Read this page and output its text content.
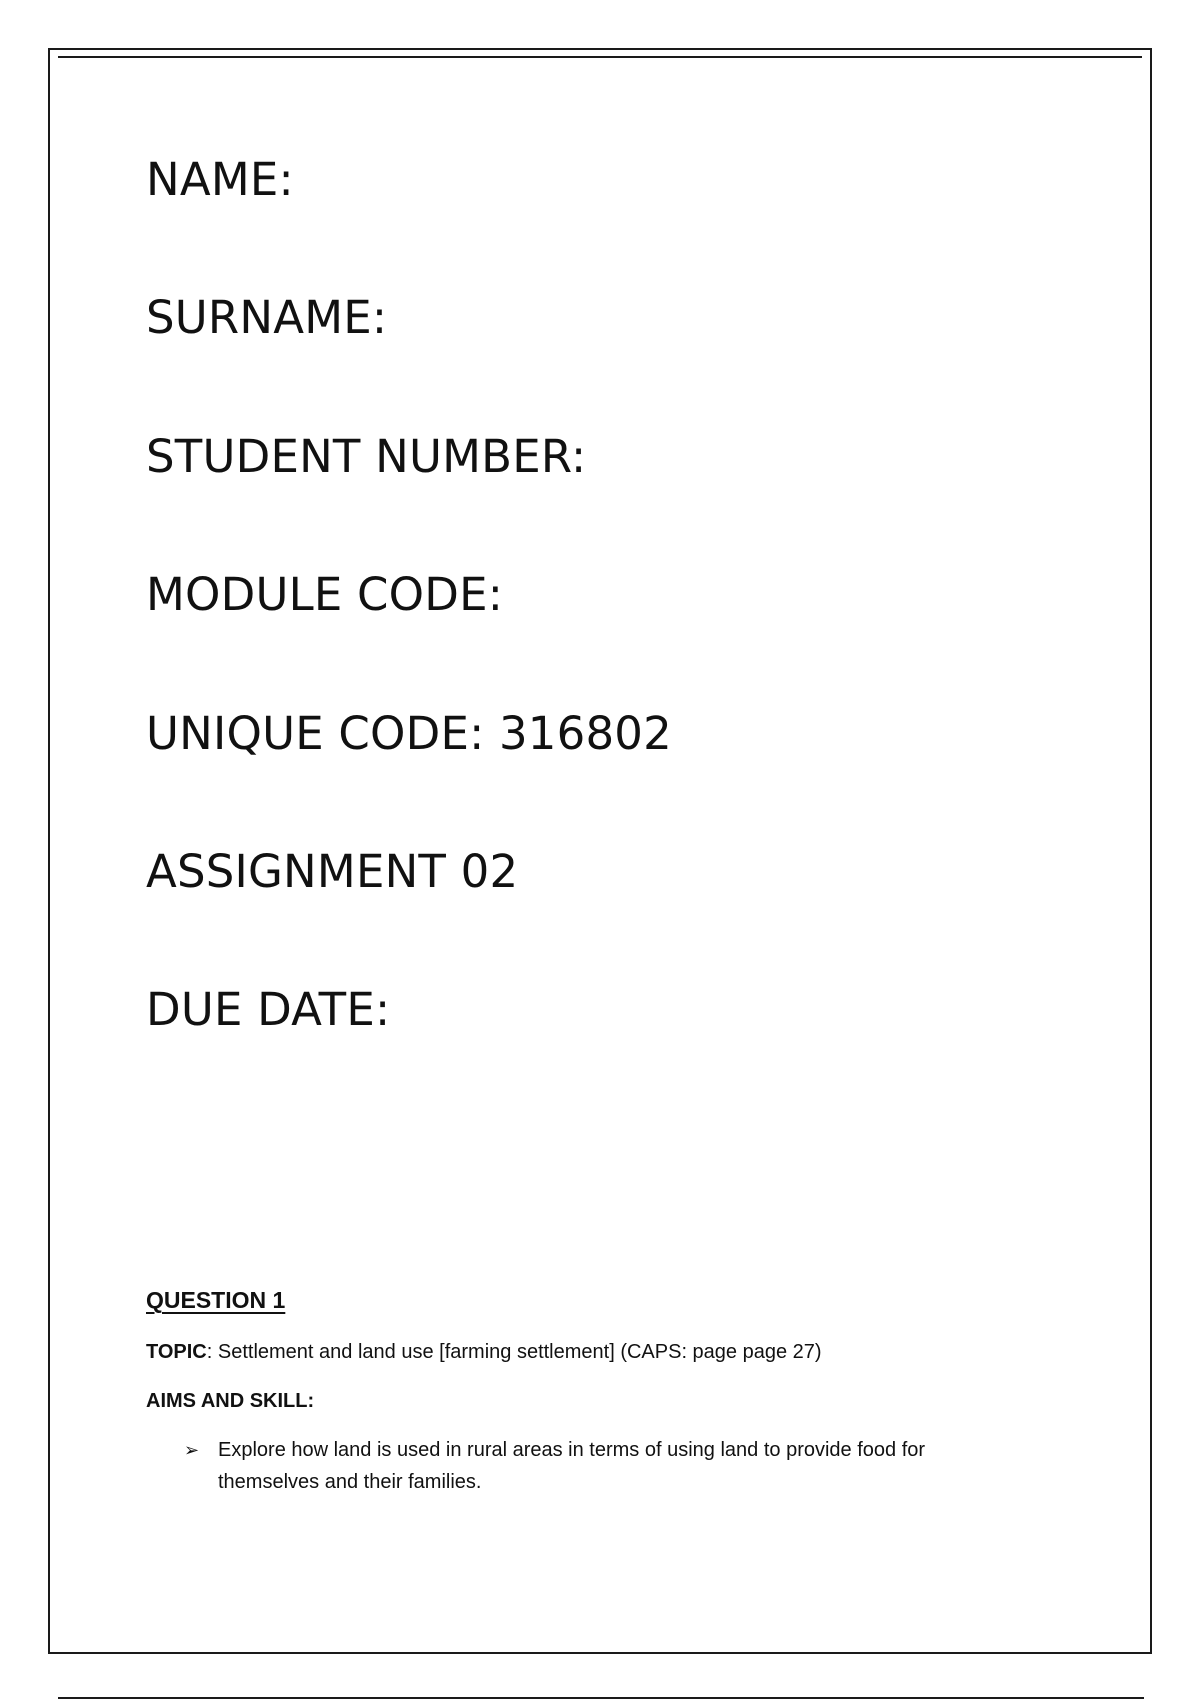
NAME:
SURNAME:
STUDENT NUMBER:
MODULE CODE:
UNIQUE CODE: 316802
ASSIGNMENT 02
DUE DATE:
QUESTION 1

TOPIC: Settlement and land use [farming settlement] (CAPS: page page 27)

AIMS AND SKILL:

➢ Explore how land is used in rural areas in terms of using land to provide food for themselves and their families.
